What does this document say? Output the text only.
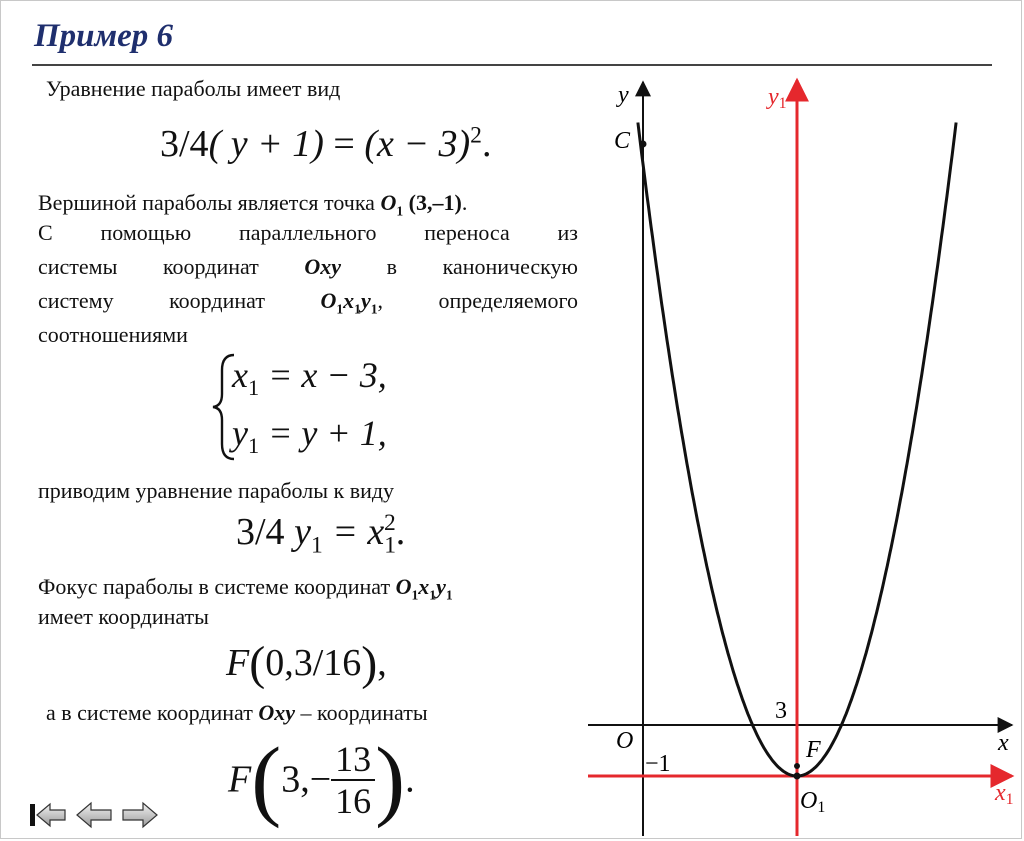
Пример 6
Уравнение параболы имеет вид
3/4( $y + 1) = (x - 3)^2$.
Вершиной параболы является точка $O_1$ (3,–1).
С помощью параллельного переноса из
системы координат Oxy в каноническую
систему координат $O_1x_1y_1$, определяемого
соотношениями
$x_1 = x - 3$,
$y_1 = y + 1$,
приводим уравнение параболы к виду
3/4 $y_1 = x_1^2$.
Фокус параболы в системе координат $O_1x_1y_1$
имеет координаты
F(0,3/16),
а в системе координат Oxy – координаты
$F(3,- \frac{13}{16}$ ).
y	y1
C
O	x
x1
F
O1
3
−1
